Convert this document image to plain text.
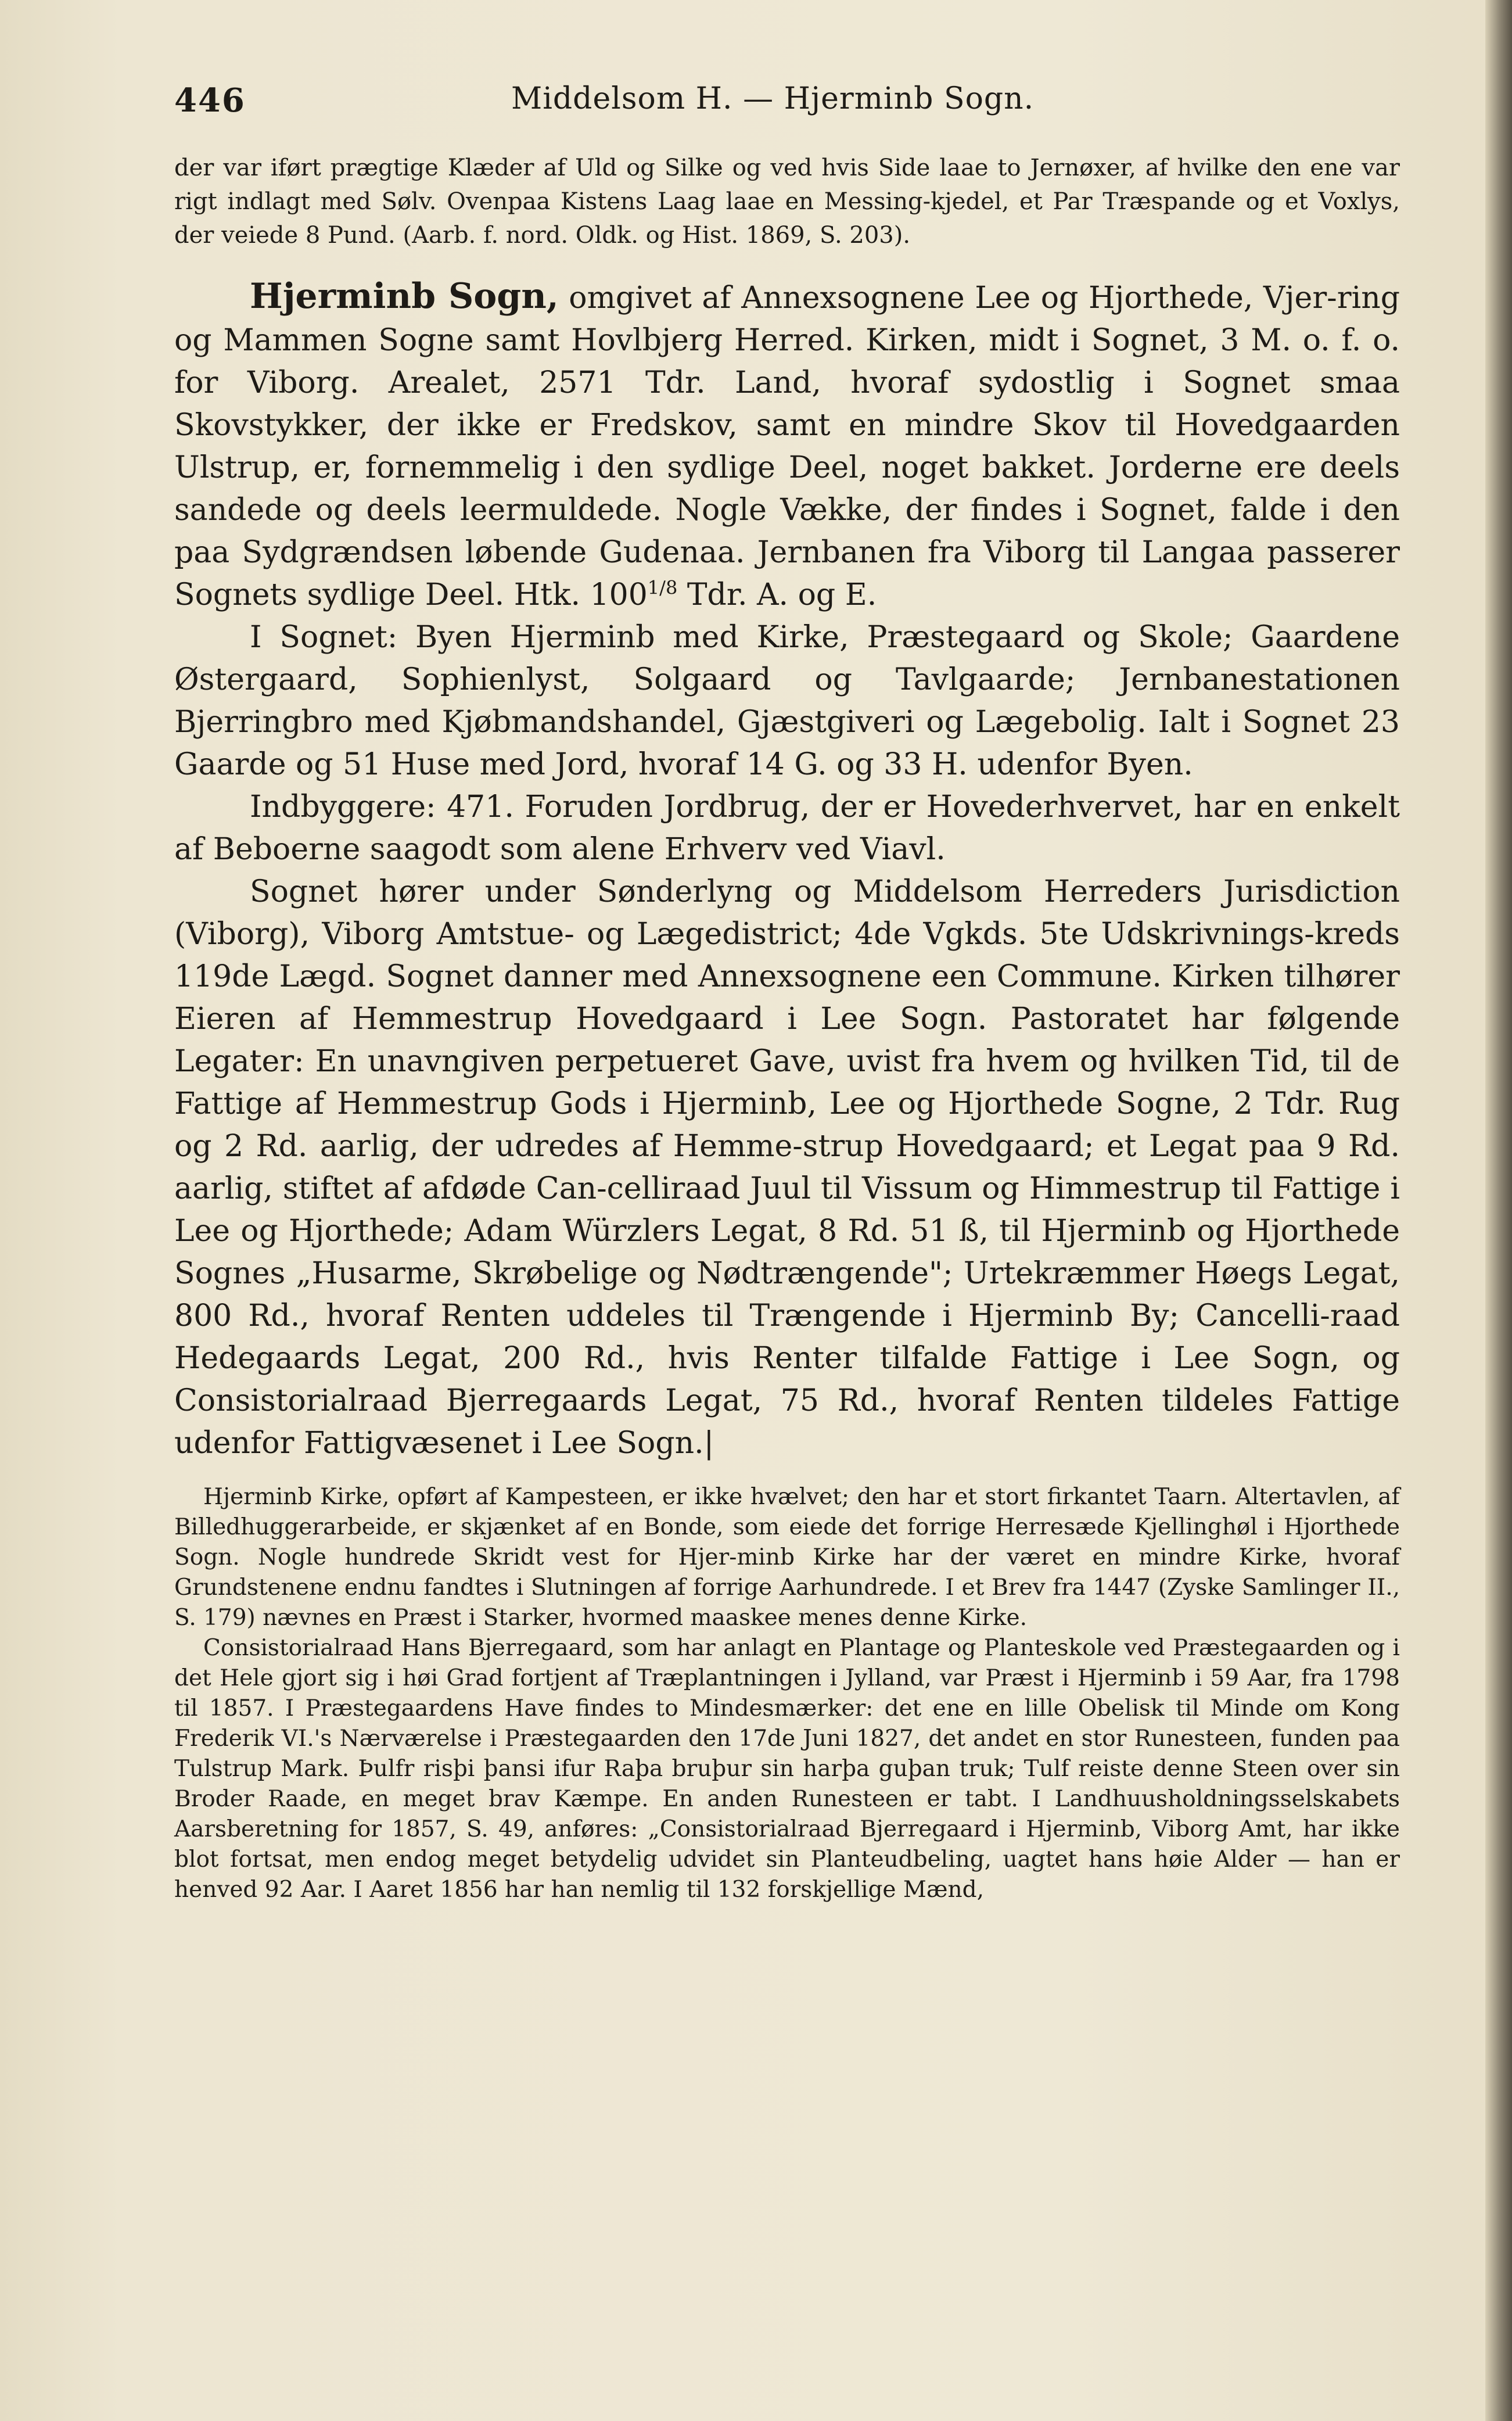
446	Middelsom H. — Hjerminb Sogn.

der var iført prægtige Klæder af Uld og Silke og ved hvis Side laae to Jernøxer, af hvilke den ene var rigt indlagt med Sølv. Ovenpaa Kistens Laag laae en Messing-kjedel, et Par Træspande og et Voxlys, der veiede 8 Pund. (Aarb. f. nord. Oldk. og Hist. 1869, S. 203).

Hjerminb Sogn, omgivet af Annexsognene Lee og Hjorthede, Vjer-ring og Mammen Sogne samt Hovlbjerg Herred. Kirken, midt i Sognet, 3 M. o. f. o. for Viborg. Arealet, 2571 Tdr. Land, hvoraf sydostlig i Sognet smaa Skovstykker, der ikke er Fredskov, samt en mindre Skov til Hovedgaarden Ulstrup, er, fornemmelig i den sydlige Deel, noget bakket. Jorderne ere deels sandede og deels leermuldede. Nogle Vække, der findes i Sognet, falde i den paa Sydgrændsen løbende Gudenaa. Jernbanen fra Viborg til Langaa passerer Sognets sydlige Deel. Htk. $100^{1/8}$ Tdr. A. og E.

I Sognet: Byen Hjerminb med Kirke, Præstegaard og Skole; Gaardene Østergaard, Sophienlyst, Solgaard og Tavlgaarde; Jernbanestationen Bjerringbro med Kjøbmandshandel, Gjæstgiveri og Lægebolig. Ialt i Sognet 23 Gaarde og 51 Huse med Jord, hvoraf 14 G. og 33 H. udenfor Byen.

Indbyggere: 471. Foruden Jordbrug, der er Hovederhvervet, har en enkelt af Beboerne saagodt som alene Erhverv ved Viavl.

Sognet hører under Sønderlyng og Middelsom Herreders Jurisdiction (Viborg), Viborg Amtstue- og Lægedistrict; 4de Vgkds. 5te Udskrivnings-kreds 119de Lægd. Sognet danner med Annexsognene een Commune. Kirken tilhører Eieren af Hemmestrup Hovedgaard i Lee Sogn. Pastoratet har følgende Legater: En unavngiven perpetueret Gave, uvist fra hvem og hvilken Tid, til de Fattige af Hemmestrup Gods i Hjerminb, Lee og Hjorthede Sogne, 2 Tdr. Rug og 2 Rd. aarlig, der udredes af Hemme-strup Hovedgaard; et Legat paa 9 Rd. aarlig, stiftet af afdøde Can-celliraad Juul til Vissum og Himmestrup til Fattige i Lee og Hjorthede; Adam Würzlers Legat, 8 Rd. 51 ß, til Hjerminb og Hjorthede Sognes „Husarme, Skrøbelige og Nødtrængende"; Urtekræmmer Høegs Legat, 800 Rd., hvoraf Renten uddeles til Trængende i Hjerminb By; Cancelli-raad Hedegaards Legat, 200 Rd., hvis Renter tilfalde Fattige i Lee Sogn, og Consistorialraad Bjerregaards Legat, 75 Rd., hvoraf Renten tildeles Fattige udenfor Fattigvæsenet i Lee Sogn.|

Hjerminb Kirke, opført af Kampesteen, er ikke hvælvet; den har et stort firkantet Taarn. Altertavlen, af Billedhuggerarbeide, er skjænket af en Bonde, som eiede det forrige Herresæde Kjellinghøl i Hjorthede Sogn. Nogle hundrede Skridt vest for Hjer-minb Kirke har der været en mindre Kirke, hvoraf Grundstenene endnu fandtes i Slutningen af forrige Aarhundrede. I et Brev fra 1447 (Zyske Samlinger II., S. 179) nævnes en Præst i Starker, hvormed maaskee menes denne Kirke.

Consistorialraad Hans Bjerregaard, som har anlagt en Plantage og Planteskole ved Præstegaarden og i det Hele gjort sig i høi Grad fortjent af Træplantningen i Jylland, var Præst i Hjerminb i 59 Aar, fra 1798 til 1857. I Præstegaardens Have findes to Mindesmærker: det ene en lille Obelisk til Minde om Kong Frederik VI.'s Nærværelse i Præstegaarden den 17de Juni 1827, det andet en stor Runesteen, funden paa Tulstrup Mark. Þulfr risþi þansi ifur Raþa bruþur sin harþa guþan truk; Tulf reiste denne Steen over sin Broder Raade, en meget brav Kæmpe. En anden Runesteen er tabt. I Landhuusholdningsselskabets Aarsberetning for 1857, S. 49, anføres: „Consistorialraad Bjerregaard i Hjerminb, Viborg Amt, har ikke blot fortsat, men endog meget betydelig udvidet sin Planteudbeling, uagtet hans høie Alder — han er henved 92 Aar. I Aaret 1856 har han nemlig til 132 forskjellige Mænd,
